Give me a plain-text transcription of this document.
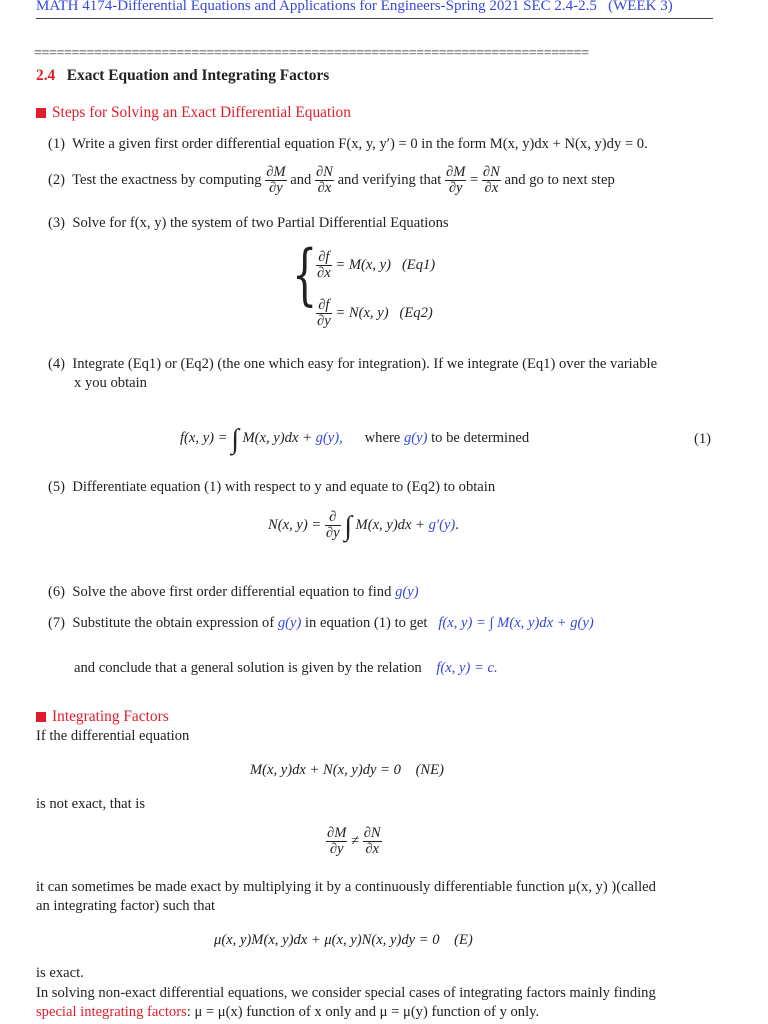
MATH 4174-Differential Equations and Applications for Engineers-Spring 2021 SEC 2.4-2.5 (WEEK 3)
==========================================================================
2.4 Exact Equation and Integrating Factors
Steps for Solving an Exact Differential Equation
(1) Write a given first order differential equation F(x, y, y′) = 0 in the form M(x, y)dx + N(x, y)dy = 0.
(2) Test the exactness by computing $\frac{\partial M}{\partial y}$ and $\frac{\partial N}{\partial x}$ and verifying that $\frac{\partial M}{\partial y} = \frac{\partial N}{\partial x}$ and go to next step
(3) Solve for f(x, y) the system of two Partial Differential Equations
{
$\frac{\partial f}{\partial x} = M(x$, y) (Eq1)
$\frac{\partial f}{\partial y} = N(x$, y) (Eq2)
(4) Integrate (Eq1) or (Eq2) (the one which easy for integration). If we integrate (Eq1) over the variable
x you obtain
f(x, y) = ∫ M(x, y)dx + g(y), where g(y) to be determined	(1)
(5) Differentiate equation (1) with respect to y and equate to (Eq2) to obtain
N(x, $y) = \frac{\partial}{\partial y}$ ∫ M(x, y)dx + g′(y).
(6) Solve the above first order differential equation to find g(y)
(7) Substitute the obtain expression of g(y) in equation (1) to get f(x, y) = ∫ M(x, y)dx + g(y)
and conclude that a general solution is given by the relation f(x, y) = c.
Integrating Factors
If the differential equation
M(x, y)dx + N(x, y)dy = 0 (NE)
is not exact, that is
$\frac{\partial M}{\partial y} \ne \frac{\partial N}{\partial x}$
it can sometimes be made exact by multiplying it by a continuously differentiable function μ(x, y) )(called
an integrating factor) such that
μ(x, y)M(x, y)dx + μ(x, y)N(x, y)dy = 0 (E)
is exact.
In solving non-exact differential equations, we consider special cases of integrating factors mainly finding
special integrating factors: μ = μ(x) function of x only and μ = μ(y) function of y only.
